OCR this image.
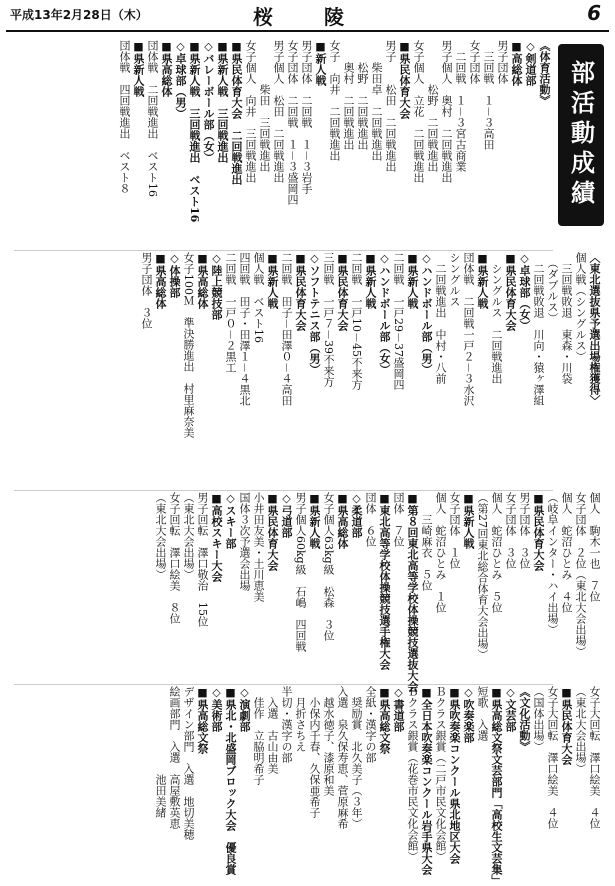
平成13年2月28日（木）	桜 陵	6
部活動成績
《体育活動》
◇剣道部
■高総体
男子団体
　三回戦　１－３高田
女子団体
　二回戦　１－３宮古商業
男子個人　奥村　二回戦進出
　　　　松野　二回戦進出
女子個人　立花　二回戦進出
■県民体育大会
男子　　松田　二回戦進出
　　柴田卓　二回戦進出
　　松野　二回戦進出
　　奥村　二回戦進出
女子　向井　二回戦進出
■新人戦
男子団体　二回戦　１－３岩手
女子団体　二回戦　１－３盛岡四
男子個人　松田　二回戦進出
　　　　柴田　三回戦進出
女子個人　向井　三回戦進出
■県民体育大会　二回戦進出
■県新人戦　三回戦進出
◇バレーボール部（女）
■県新人戦　三回戦進出　ベスト16
◇卓球部（男）
■県高総体
団体戦　二回戦進出　ベスト16
■県新人戦
団体戦　四回戦進出　ベスト８
〈東北選抜県予選出場権獲得〉
個人戦（シングルス）
　三回戦敗退　東森・川袋
　（ダブルス）
　二回戦敗退　川向・猿ヶ澤組
◇卓球部（女）
■県民体育大会
　シングルス　二回戦進出
■県新人戦
団体戦　二回戦一戸２－３水沢
シングルス
　二回戦進出　中村・八前
◇ハンドボール部（男）
■県新人戦
二回戦　一戸29－37盛岡四
◇ハンドボール部（女）
■県新人戦
二回戦　一戸10－45不来方
■県民体育大会
三回戦　一戸７－39不来方
◇ソフトテニス部（男）
■県民体育大会
二回戦　田子－田澤０－４高田
■県新人戦
個人戦　ベスト16
四回戦　田子・田澤１－４黒北
二回戦　一戸０－２黒工
◇陸上競技部
■県高総体
女子100Ｍ　準決勝進出　村里麻奈美
◇体操部
■県高総体
男子団体　３位
個人　駒木一也　７位
女子団体　２位（東北大会出場）
個人　蛇沼ひとみ　４位
（岐阜インター・ハイ出場）
■県民体育大会
男子団体　３位
女子団体　３位
個人　蛇沼ひとみ　５位
（第27回東北総合体育大会出場）
■県新人戦
女子団体　１位
個人　蛇沼ひとみ　１位
　　三崎麻衣　５位
■第８回東北高等学校体操競技選抜大会
団体　７位
■東北高等学校体操競技選手権大会
団体　６位
◇柔道部
■県高総体
女子個人63kg級　松森　３位
■県新人戦
男子個人60kg級　石嶋　四回戦
◇弓道部
■県民体育大会
小井田友美・土川恵美
国体３次予選会出場
◇スキー部
■高校スキー大会
男子回転　澤口敬治　15位
（東北大会出場）
女子回転　澤口絵美　８位
（東北大会出場）
女子大回転　澤口絵美　４位
（東北大会出場）
■県民体育大会
女子大回転　澤口絵美　４位
（国体出場）
《文化活動》
◇文芸部
■県高総文祭文芸部門「高校生文芸集」
短歌　入選
◇吹奏楽部
■県吹奏楽コンクール県北地区大会
Ｂクラス銀賞（二戸市民文化会館）
■全日本吹奏楽コンクール岩手県大会
Ｂクラス銀賞（花巻市民文化会館）
◇書道部
■県高総文祭
全紙・漢字の部
　奨励賞　北久美子（３年）
入選　泉久保寿恵、菅原麻希
　越水徳子、漆原和美
　小保内千春、久保亜希子
　月折さちえ
半切・漢字の部
　入選　古山由美
　佳作　立脇明希子
◇演劇部
■県北・北盛岡ブロック大会　優良賞
◇美術部
■県高総文祭
デザイン部門　入選　地切美穂
絵画部門　入選　高屋敷英恵
　　　　　　　　池田美緒
